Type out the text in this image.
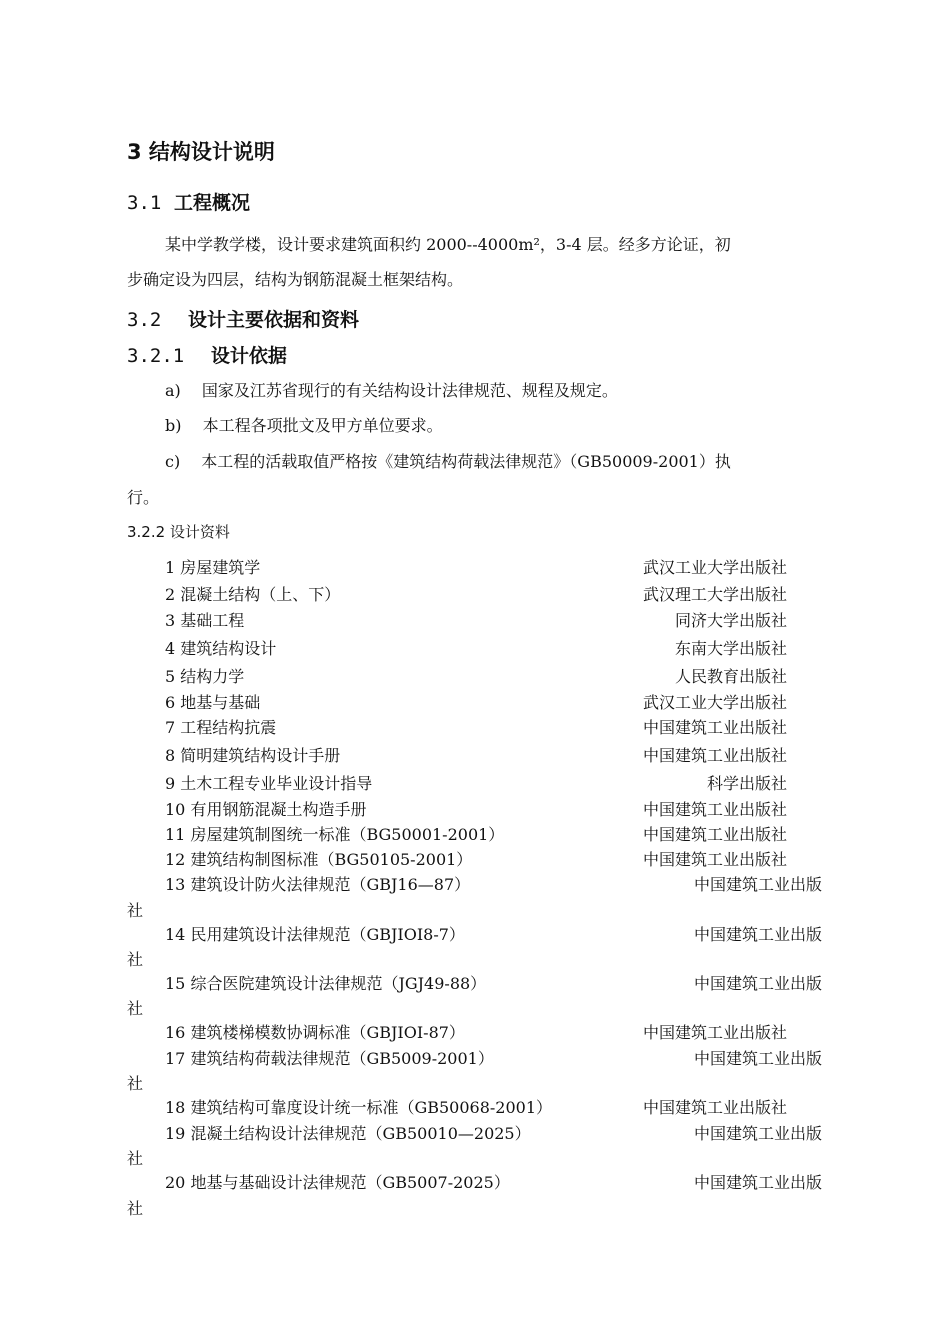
3 结构设计说明
3.1 工程概况
某中学教学楼，设计要求建筑面积约 2000--4000m²，3-4 层。经多方论证，初
步确定设为四层，结构为钢筋混凝土框架结构。
3.2 设计主要依据和资料
3.2.1 设计依据
a) 国家及江苏省现行的有关结构设计法律规范、规程及规定。
b) 本工程各项批文及甲方单位要求。
c) 本工程的活载取值严格按《建筑结构荷载法律规范》（GB50009-2001）执
行。
3.2.2 设计资料
1 房屋建筑学	武汉工业大学出版社
2 混凝土结构（上、下）	武汉理工大学出版社
3 基础工程	同济大学出版社
4 建筑结构设计	东南大学出版社
5 结构力学	人民教育出版社
6 地基与基础	武汉工业大学出版社
7 工程结构抗震	中国建筑工业出版社
8 简明建筑结构设计手册	中国建筑工业出版社
9 土木工程专业毕业设计指导	科学出版社
10 有用钢筋混凝土构造手册	中国建筑工业出版社
11 房屋建筑制图统一标准（BG50001-2001）	中国建筑工业出版社
12 建筑结构制图标准（BG50105-2001）	中国建筑工业出版社
13 建筑设计防火法律规范（GBJ16—87）	中国建筑工业出版
社
14 民用建筑设计法律规范（GBJIOI8-7）	中国建筑工业出版
社
15 综合医院建筑设计法律规范（JGJ49-88）	中国建筑工业出版
社
16 建筑楼梯模数协调标准（GBJIOI-87）	中国建筑工业出版社
17 建筑结构荷载法律规范（GB5009-2001）	中国建筑工业出版
社
18 建筑结构可靠度设计统一标准（GB50068-2001）	中国建筑工业出版社
19 混凝土结构设计法律规范（GB50010—2025）	中国建筑工业出版
社
20 地基与基础设计法律规范（GB5007-2025）	中国建筑工业出版
社
